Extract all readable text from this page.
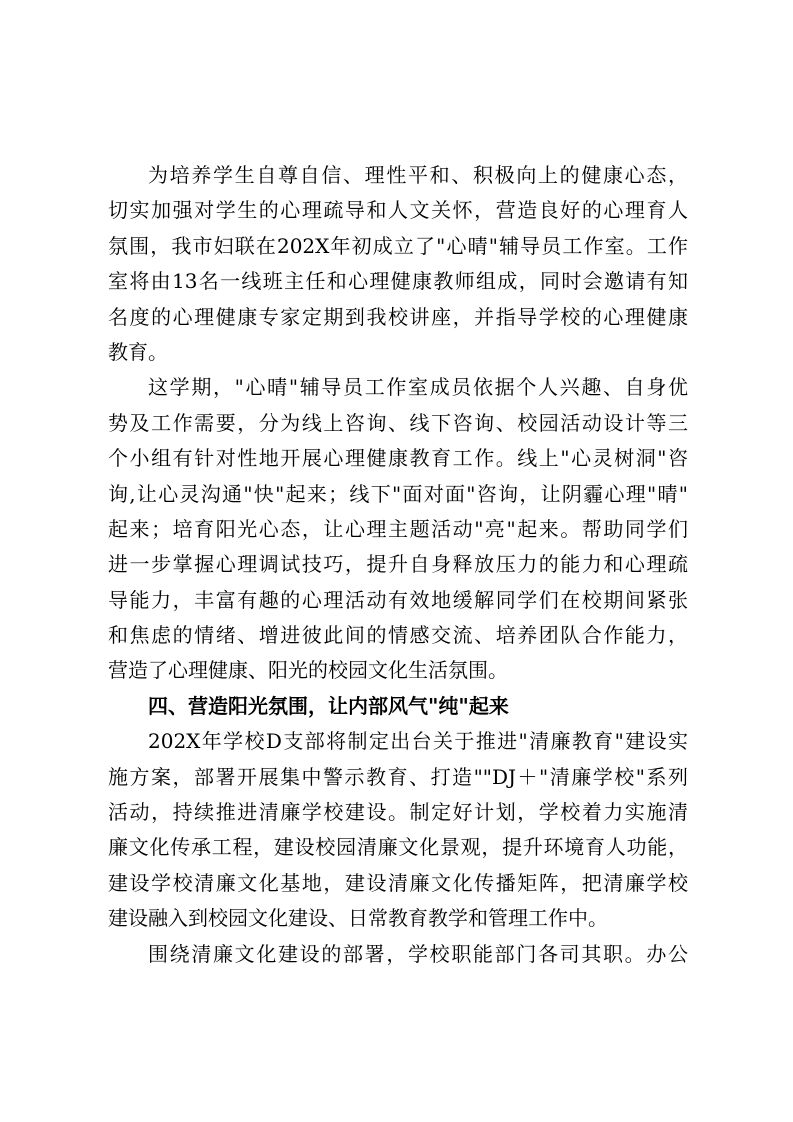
为培养学生自尊自信、理性平和、积极向上的健康心态，
切实加强对学生的心理疏导和人文关怀，营造良好的心理育人
氛围，我市妇联在202X年初成立了"心晴"辅导员工作室。工作
室将由13名一线班主任和心理健康教师组成，同时会邀请有知
名度的心理健康专家定期到我校讲座，并指导学校的心理健康
教育。
这学期，"心晴"辅导员工作室成员依据个人兴趣、自身优
势及工作需要，分为线上咨询、线下咨询、校园活动设计等三
个小组有针对性地开展心理健康教育工作。线上"心灵树洞"咨
询,让心灵沟通"快"起来；线下"面对面"咨询，让阴霾心理"晴"
起来；培育阳光心态，让心理主题活动"亮"起来。帮助同学们
进一步掌握心理调试技巧，提升自身释放压力的能力和心理疏
导能力，丰富有趣的心理活动有效地缓解同学们在校期间紧张
和焦虑的情绪、增进彼此间的情感交流、培养团队合作能力，
营造了心理健康、阳光的校园文化生活氛围。
四、营造阳光氛围，让内部风气"纯"起来
202X年学校D支部将制定出台关于推进"清廉教育"建设实
施方案，部署开展集中警示教育、打造""DJ＋"清廉学校"系列
活动，持续推进清廉学校建设。制定好计划，学校着力实施清
廉文化传承工程，建设校园清廉文化景观，提升环境育人功能，
建设学校清廉文化基地，建设清廉文化传播矩阵，把清廉学校
建设融入到校园文化建设、日常教育教学和管理工作中。
围绕清廉文化建设的部署，学校职能部门各司其职。办公
